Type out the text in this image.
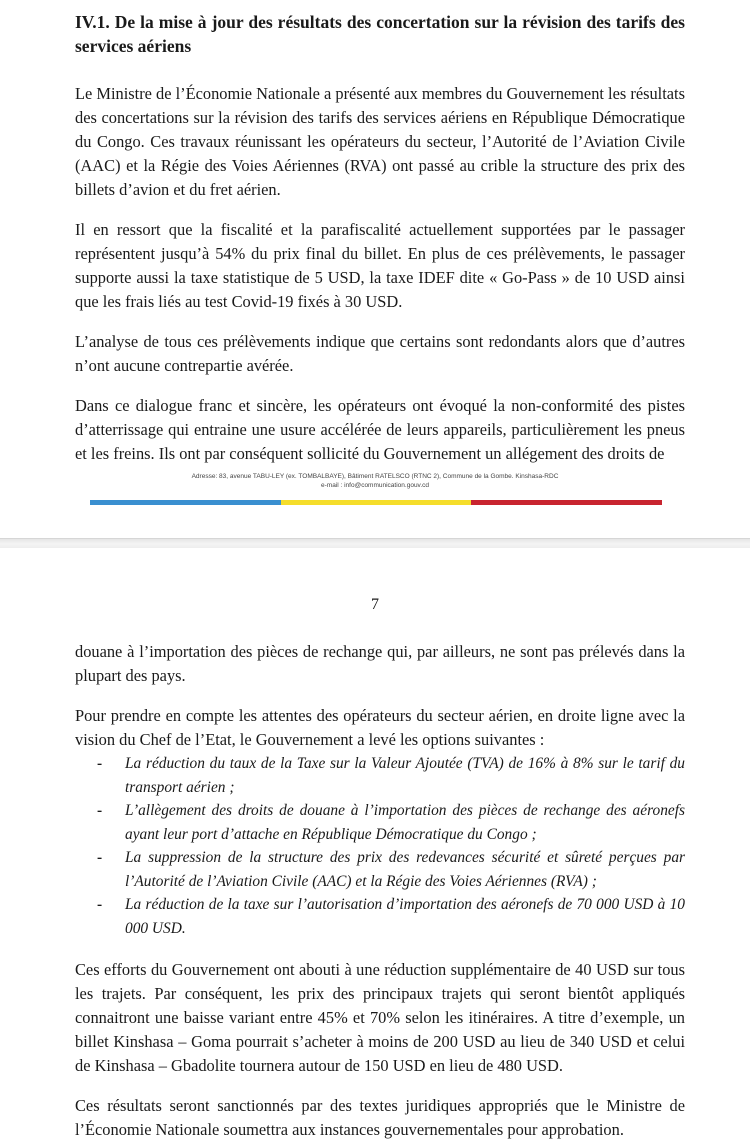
IV.1. De la mise à jour des résultats des concertation sur la révision des tarifs des services aériens

Le Ministre de l’Économie Nationale a présenté aux membres du Gouvernement les résultats des concertations sur la révision des tarifs des services aériens en République Démocratique du Congo. Ces travaux réunissant les opérateurs du secteur, l’Autorité de l’Aviation Civile (AAC) et la Régie des Voies Aériennes (RVA) ont passé au crible la structure des prix des billets d’avion et du fret aérien.

Il en ressort que la fiscalité et la parafiscalité actuellement supportées par le passager représentent jusqu’à 54% du prix final du billet. En plus de ces prélèvements, le passager supporte aussi la taxe statistique de 5 USD, la taxe IDEF dite « Go-Pass » de 10 USD ainsi que les frais liés au test Covid-19 fixés à 30 USD.

L’analyse de tous ces prélèvements indique que certains sont redondants alors que d’autres n’ont aucune contrepartie avérée.

Dans ce dialogue franc et sincère, les opérateurs ont évoqué la non-conformité des pistes d’atterrissage qui entraine une usure accélérée de leurs appareils, particulièrement les pneus et les freins. Ils ont par conséquent sollicité du Gouvernement un allégement des droits de

Adresse: 83, avenue TABU-LEY (ex. TOMBALBAYE), Bâtiment RATELSCO (RTNC 2), Commune de la Gombe. Kinshasa-RDC
e-mail : info@communication.gouv.cd
7

douane à l’importation des pièces de rechange qui, par ailleurs, ne sont pas prélevés dans la plupart des pays.

Pour prendre en compte les attentes des opérateurs du secteur aérien, en droite ligne avec la vision du Chef de l’Etat, le Gouvernement a levé les options suivantes :

- La réduction du taux de la Taxe sur la Valeur Ajoutée (TVA) de 16% à 8% sur le tarif du transport aérien ;
- L’allègement des droits de douane à l’importation des pièces de rechange des aéronefs ayant leur port d’attache en République Démocratique du Congo ;
- La suppression de la structure des prix des redevances sécurité et sûreté perçues par l’Autorité de l’Aviation Civile (AAC) et la Régie des Voies Aériennes (RVA) ;
- La réduction de la taxe sur l’autorisation d’importation des aéronefs de 70 000 USD à 10 000 USD.

Ces efforts du Gouvernement ont abouti à une réduction supplémentaire de 40 USD sur tous les trajets. Par conséquent, les prix des principaux trajets qui seront bientôt appliqués connaitront une baisse variant entre 45% et 70% selon les itinéraires. A titre d’exemple, un billet Kinshasa – Goma pourrait s’acheter à moins de 200 USD au lieu de 340 USD et celui de Kinshasa – Gbadolite tournera autour de 150 USD en lieu de 480 USD.

Ces résultats seront sanctionnés par des textes juridiques appropriés que le Ministre de l’Économie Nationale soumettra aux instances gouvernementales pour approbation.
